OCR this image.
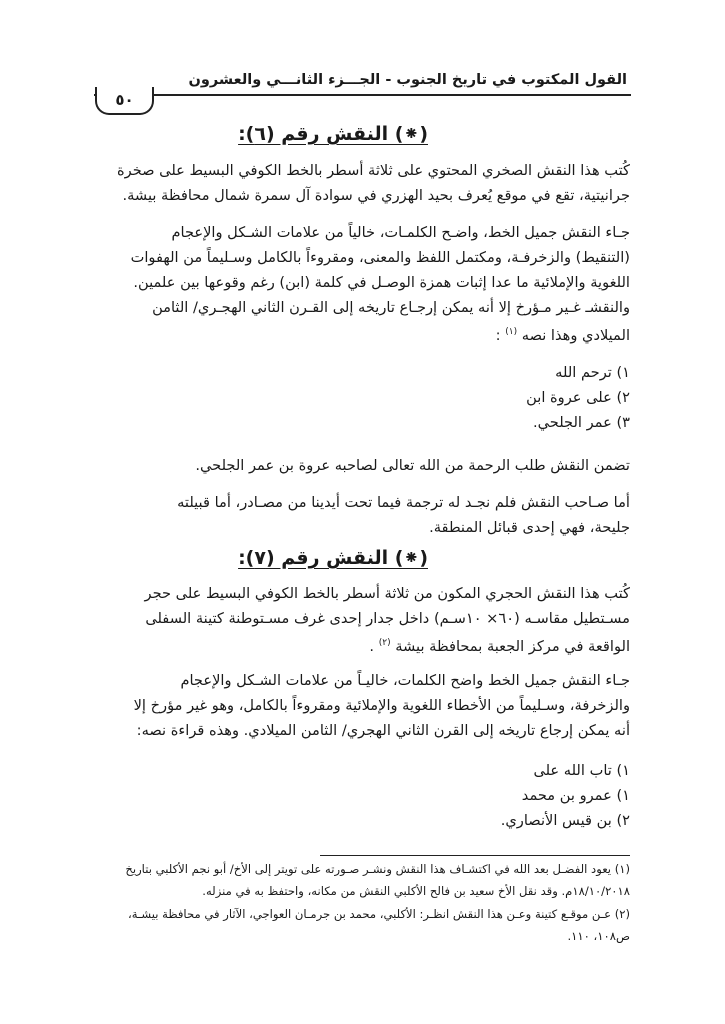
القول المكتوب في تاريخ الجنوب - الجـــزء الثانـــي والعشرون
٥٠
(⁕) النقش رقم (٦):
كُتب هذا النقش الصخري المحتوي على ثلاثة أسطر بالخط الكوفي البسيط على صخرة
جرانيتية، تقع في موقع يُعرف بحيد الهزري في سوادة آل سمرة شمال محافظة بيشة.
جـاء النقش جميل الخط، واضـح الكلمـات، خالياً من علامات الشـكل والإعجام
(التنقيط) والزخرفـة، ومكتمل اللفظ والمعنى، ومقروءاً بالكامل وسـليماً من الهفوات
اللغوية والإملائية ما عدا إثبات همزة الوصـل في كلمة (ابن) رغم وقوعها بين علمين.
والنقشـ غـير مـؤرخ إلا أنه يمكن إرجـاع تاريخه إلى القـرن الثاني الهجـري/ الثامن
الميلادي وهذا نصه $^{(١)}$ :
١) ترحم الله
٢) على عروة ابن
٣) عمر الجلحي.
تضمن النقش طلب الرحمة من الله تعالى لصاحبه عروة بن عمر الجلحي.
أما صـاحب النقش فلم نجـد له ترجمة فيما تحت أيدينا من مصـادر، أما قبيلته
جليحة، فهي إحدى قبائل المنطقة.
(⁕) النقش رقم (٧):
كُتب هذا النقش الحجري المكون من ثلاثة أسطر بالخط الكوفي البسيط على حجر
مسـتطيل مقاسـه (٦٠× ١٠سـم) داخل جدار إحدى غرف مسـتوطنة كتينة السفلى
الواقعة في مركز الجعبة بمحافظة بيشة $^{(٢)}$ .
جـاء النقش جميل الخط واضح الكلمات، خاليـاً من علامات الشـكل والإعجام
والزخرفة، وسـليماً من الأخطاء اللغوية والإملائية ومقروءاً بالكامل، وهو غير مؤرخ إلا
أنه يمكن إرجاع تاريخه إلى القرن الثاني الهجري/ الثامن الميلادي. وهذه قراءة نصه:
١) تاب الله على
١) عمرو بن محمد
٢) بن قيس الأنصاري.
(١) يعود الفضـل بعد الله في اكتشـاف هذا النقش ونشـر صـورته على تويتر إلى الأخ/ أبو نجم الأكلبي بتاريخ
١٨/١٠/٢٠١٨م. وقد نقل الأخ سعيد بن فالح الأكلبي النقش من مكانه، واحتفظ به في منزله.
(٢) عـن موقـع كتينة وعـن هذا النقش انظـر: الأكلبي، محمد بن جرمـان العواجي، الآثار في محافظة بيشـة،
ص١٠٨، ١١٠.
